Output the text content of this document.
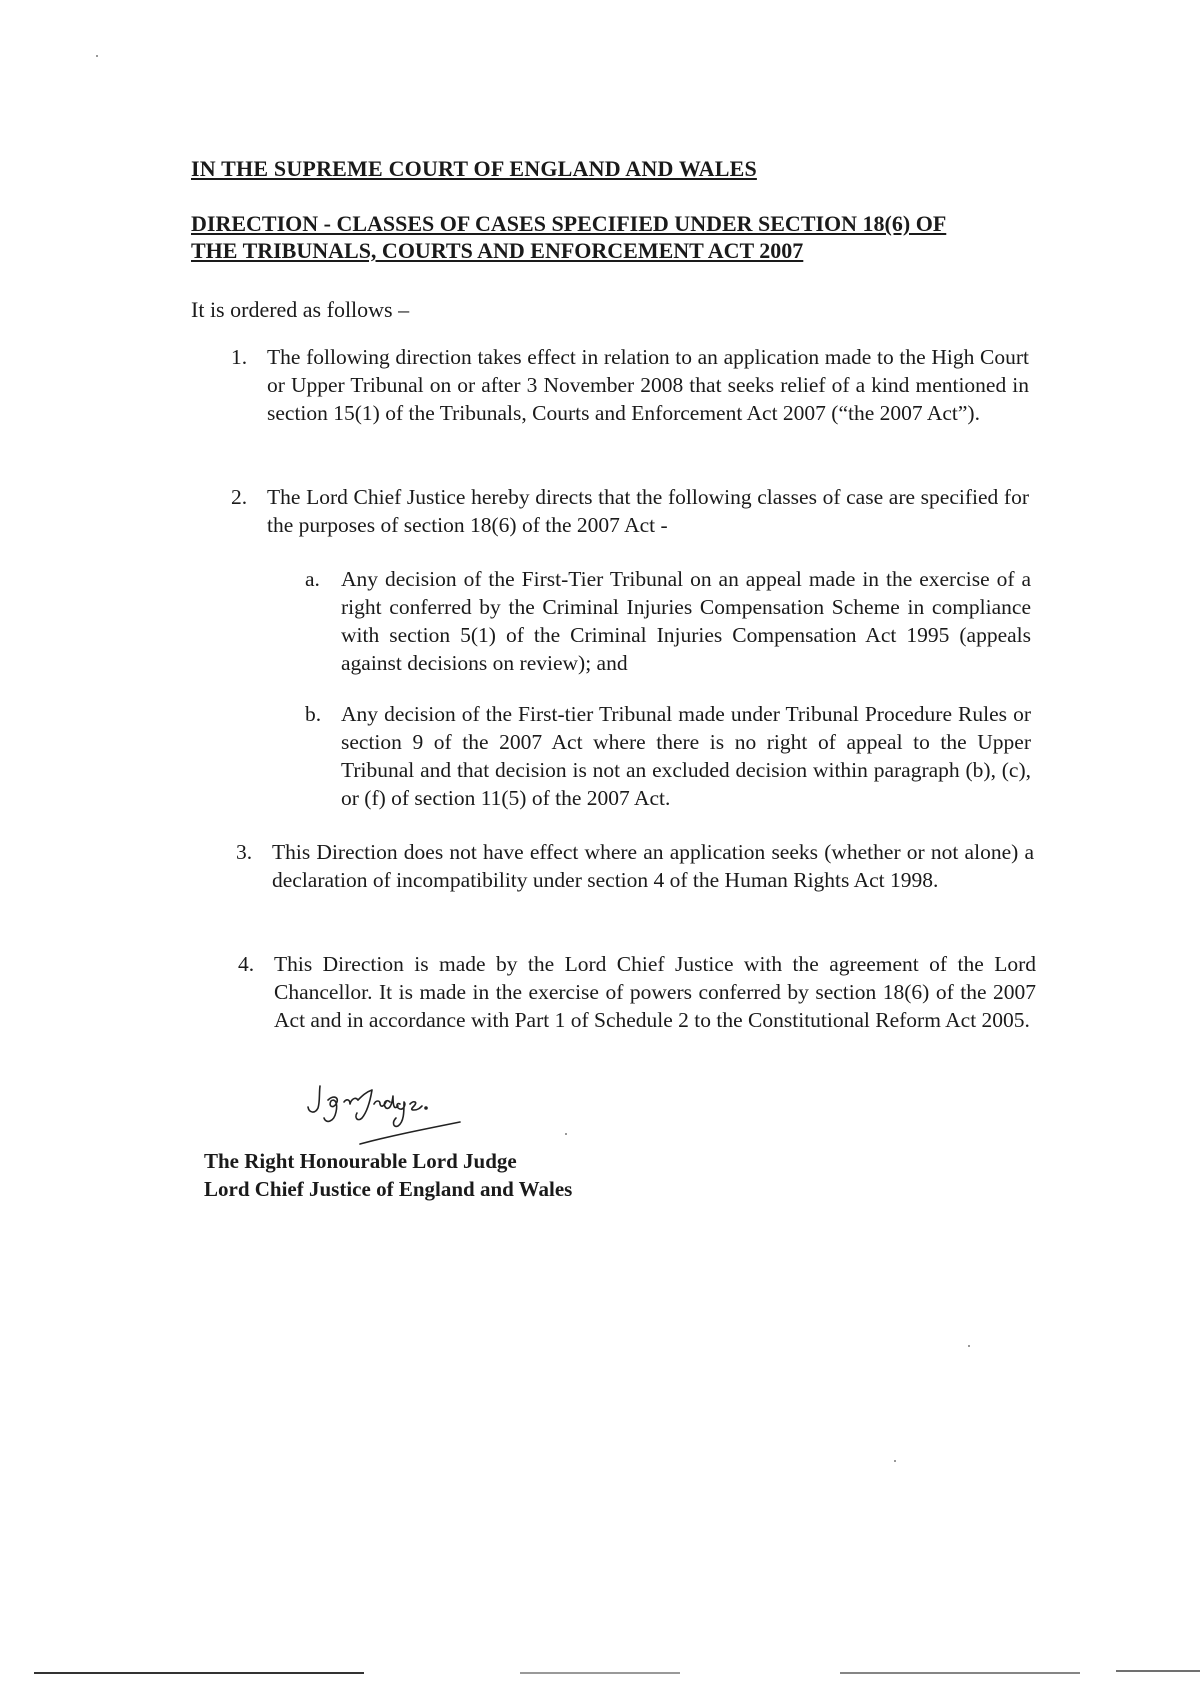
IN THE SUPREME COURT OF ENGLAND AND WALES
DIRECTION - CLASSES OF CASES SPECIFIED UNDER SECTION 18(6) OF
THE TRIBUNALS, COURTS AND ENFORCEMENT ACT 2007

It is ordered as follows –

1. The following direction takes effect in relation to an application made to the High Court or Upper Tribunal on or after 3 November 2008 that seeks relief of a kind mentioned in section 15(1) of the Tribunals, Courts and Enforcement Act 2007 (“the 2007 Act”).
2. The Lord Chief Justice hereby directs that the following classes of case are specified for the purposes of section 18(6) of the 2007 Act -
a. Any decision of the First-Tier Tribunal on an appeal made in the exercise of a right conferred by the Criminal Injuries Compensation Scheme in compliance with section 5(1) of the Criminal Injuries Compensation Act 1995 (appeals against decisions on review); and
b. Any decision of the First-tier Tribunal made under Tribunal Procedure Rules or section 9 of the 2007 Act where there is no right of appeal to the Upper Tribunal and that decision is not an excluded decision within paragraph (b), (c), or (f) of section 11(5) of the 2007 Act.
3. This Direction does not have effect where an application seeks (whether or not alone) a declaration of incompatibility under section 4 of the Human Rights Act 1998.
4. This Direction is made by the Lord Chief Justice with the agreement of the Lord Chancellor. It is made in the exercise of powers conferred by section 18(6) of the 2007 Act and in accordance with Part 1 of Schedule 2 to the Constitutional Reform Act 2005.
The Right Honourable Lord Judge
Lord Chief Justice of England and Wales
